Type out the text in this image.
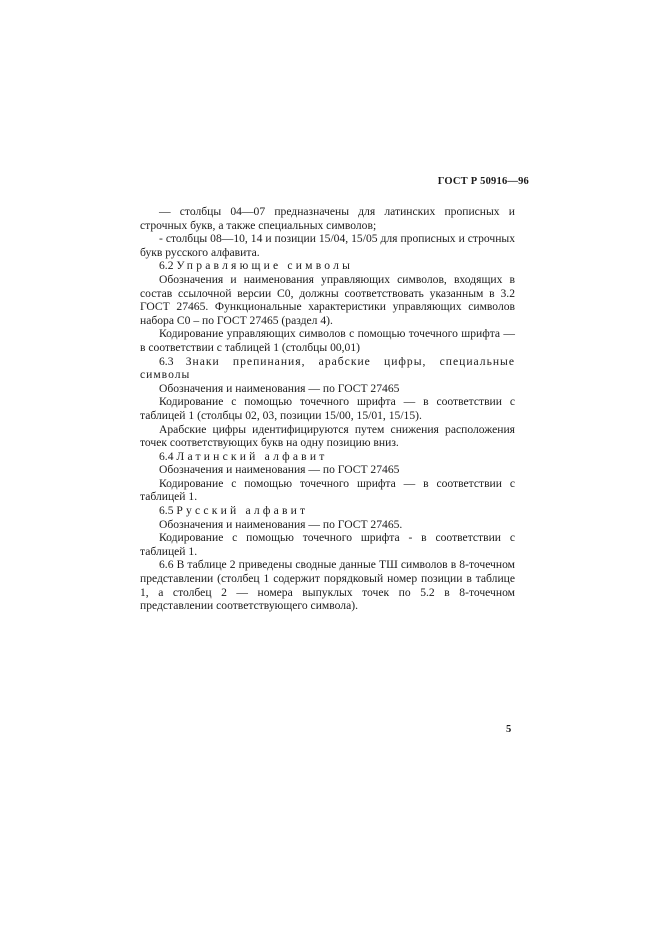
ГОСТ Р 50916—96

— столбцы 04—07 предназначены для латинских прописных и строчных букв, а также специальных символов;

- столбцы 08—10, 14 и позиции 15/04, 15/05 для прописных и строчных букв русского алфавита.

6.2 Управляющие символы

Обозначения и наименования управляющих символов, входящих в состав ссылочной версии С0, должны соответствовать указанным в 3.2 ГОСТ 27465. Функциональные характеристики управляющих символов набора С0 – по ГОСТ 27465 (раздел 4).

Кодирование управляющих символов с помощью точечного шрифта — в соответствии с таблицей 1 (столбцы 00,01)

6.3 Знаки препинания, арабские цифры, специальные символы

Обозначения и наименования — по ГОСТ 27465

Кодирование с помощью точечного шрифта — в соответствии с таблицей 1 (столбцы 02, 03, позиции 15/00, 15/01, 15/15).

Арабские цифры идентифицируются путем снижения расположения точек соответствующих букв на одну позицию вниз.

6.4 Латинский алфавит

Обозначения и наименования — по ГОСТ 27465

Кодирование с помощью точечного шрифта — в соответствии с таблицей 1.

6.5 Русский алфавит

Обозначения и наименования — по ГОСТ 27465.

Кодирование с помощью точечного шрифта - в соответствии с таблицей 1.

6.6 В таблице 2 приведены сводные данные ТШ символов в 8-точечном представлении (столбец 1 содержит порядковый номер позиции в таблице 1, а столбец 2 — номера выпуклых точек по 5.2 в 8-точечном представлении соответствующего символа).

5
